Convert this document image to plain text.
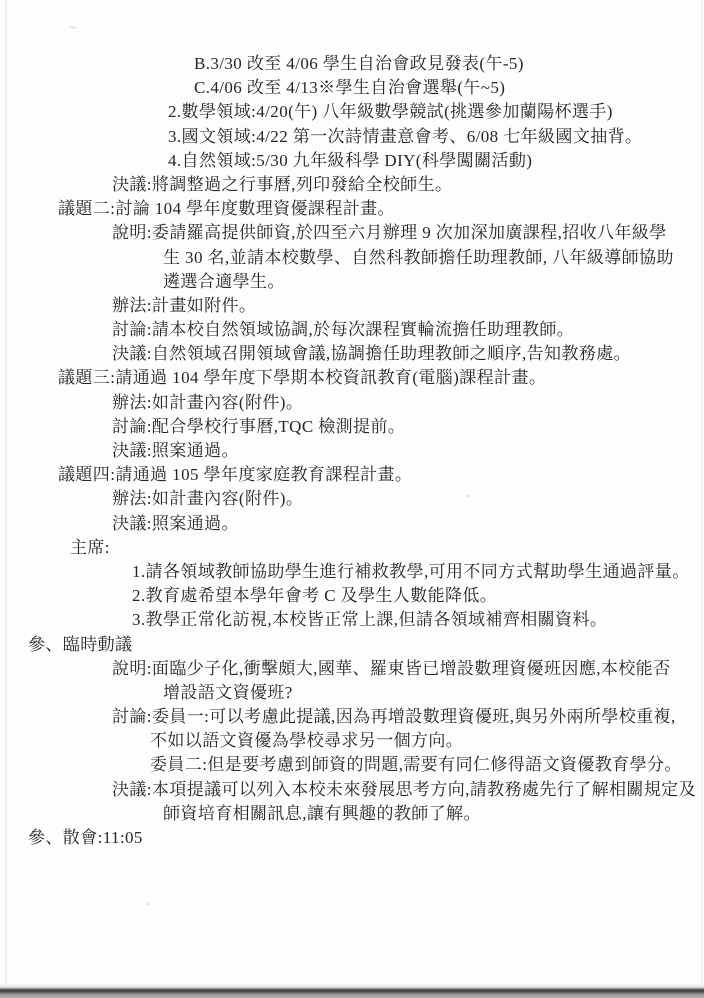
B.3/30 改至 4/06 學生自治會政見發表(午-5)
C.4/06 改至 4/13※學生自治會選舉(午~5)
2.數學領域:4/20(午) 八年級數學競試(挑選參加蘭陽杯選手)
3.國文領域:4/22 第一次詩情畫意會考、6/08 七年級國文抽背。
4.自然領域:5/30 九年級科學 DIY(科學闖關活動)
決議:將調整過之行事曆,列印發給全校師生。
議題二:討論 104 學年度數理資優課程計畫。
說明:委請羅高提供師資,於四至六月辦理 9 次加深加廣課程,招收八年級學
生 30 名,並請本校數學、自然科教師擔任助理教師, 八年級導師協助
遴選合適學生。
辦法:計畫如附件。
討論:請本校自然領域協調,於每次課程實輪流擔任助理教師。
決議:自然領域召開領域會議,協調擔任助理教師之順序,告知教務處。
議題三:請通過 104 學年度下學期本校資訊教育(電腦)課程計畫。
辦法:如計畫內容(附件)。
討論:配合學校行事曆,TQC 檢測提前。
決議:照案通過。
議題四:請通過 105 學年度家庭教育課程計畫。
辦法:如計畫內容(附件)。
決議:照案通過。
主席:
1.請各領域教師協助學生進行補救教學,可用不同方式幫助學生通過評量。
2.教育處希望本學年會考 C 及學生人數能降低。
3.教學正常化訪視,本校皆正常上課,但請各領域補齊相關資料。
參、臨時動議
說明:面臨少子化,衝擊頗大,國華、羅東皆已增設數理資優班因應,本校能否
增設語文資優班?
討論:委員一:可以考慮此提議,因為再增設數理資優班,與另外兩所學校重複,
不如以語文資優為學校尋求另一個方向。
委員二:但是要考慮到師資的問題,需要有同仁修得語文資優教育學分。
決議:本項提議可以列入本校未來發展思考方向,請教務處先行了解相關規定及
師資培育相關訊息,讓有興趣的教師了解。
參、散會:11:05
